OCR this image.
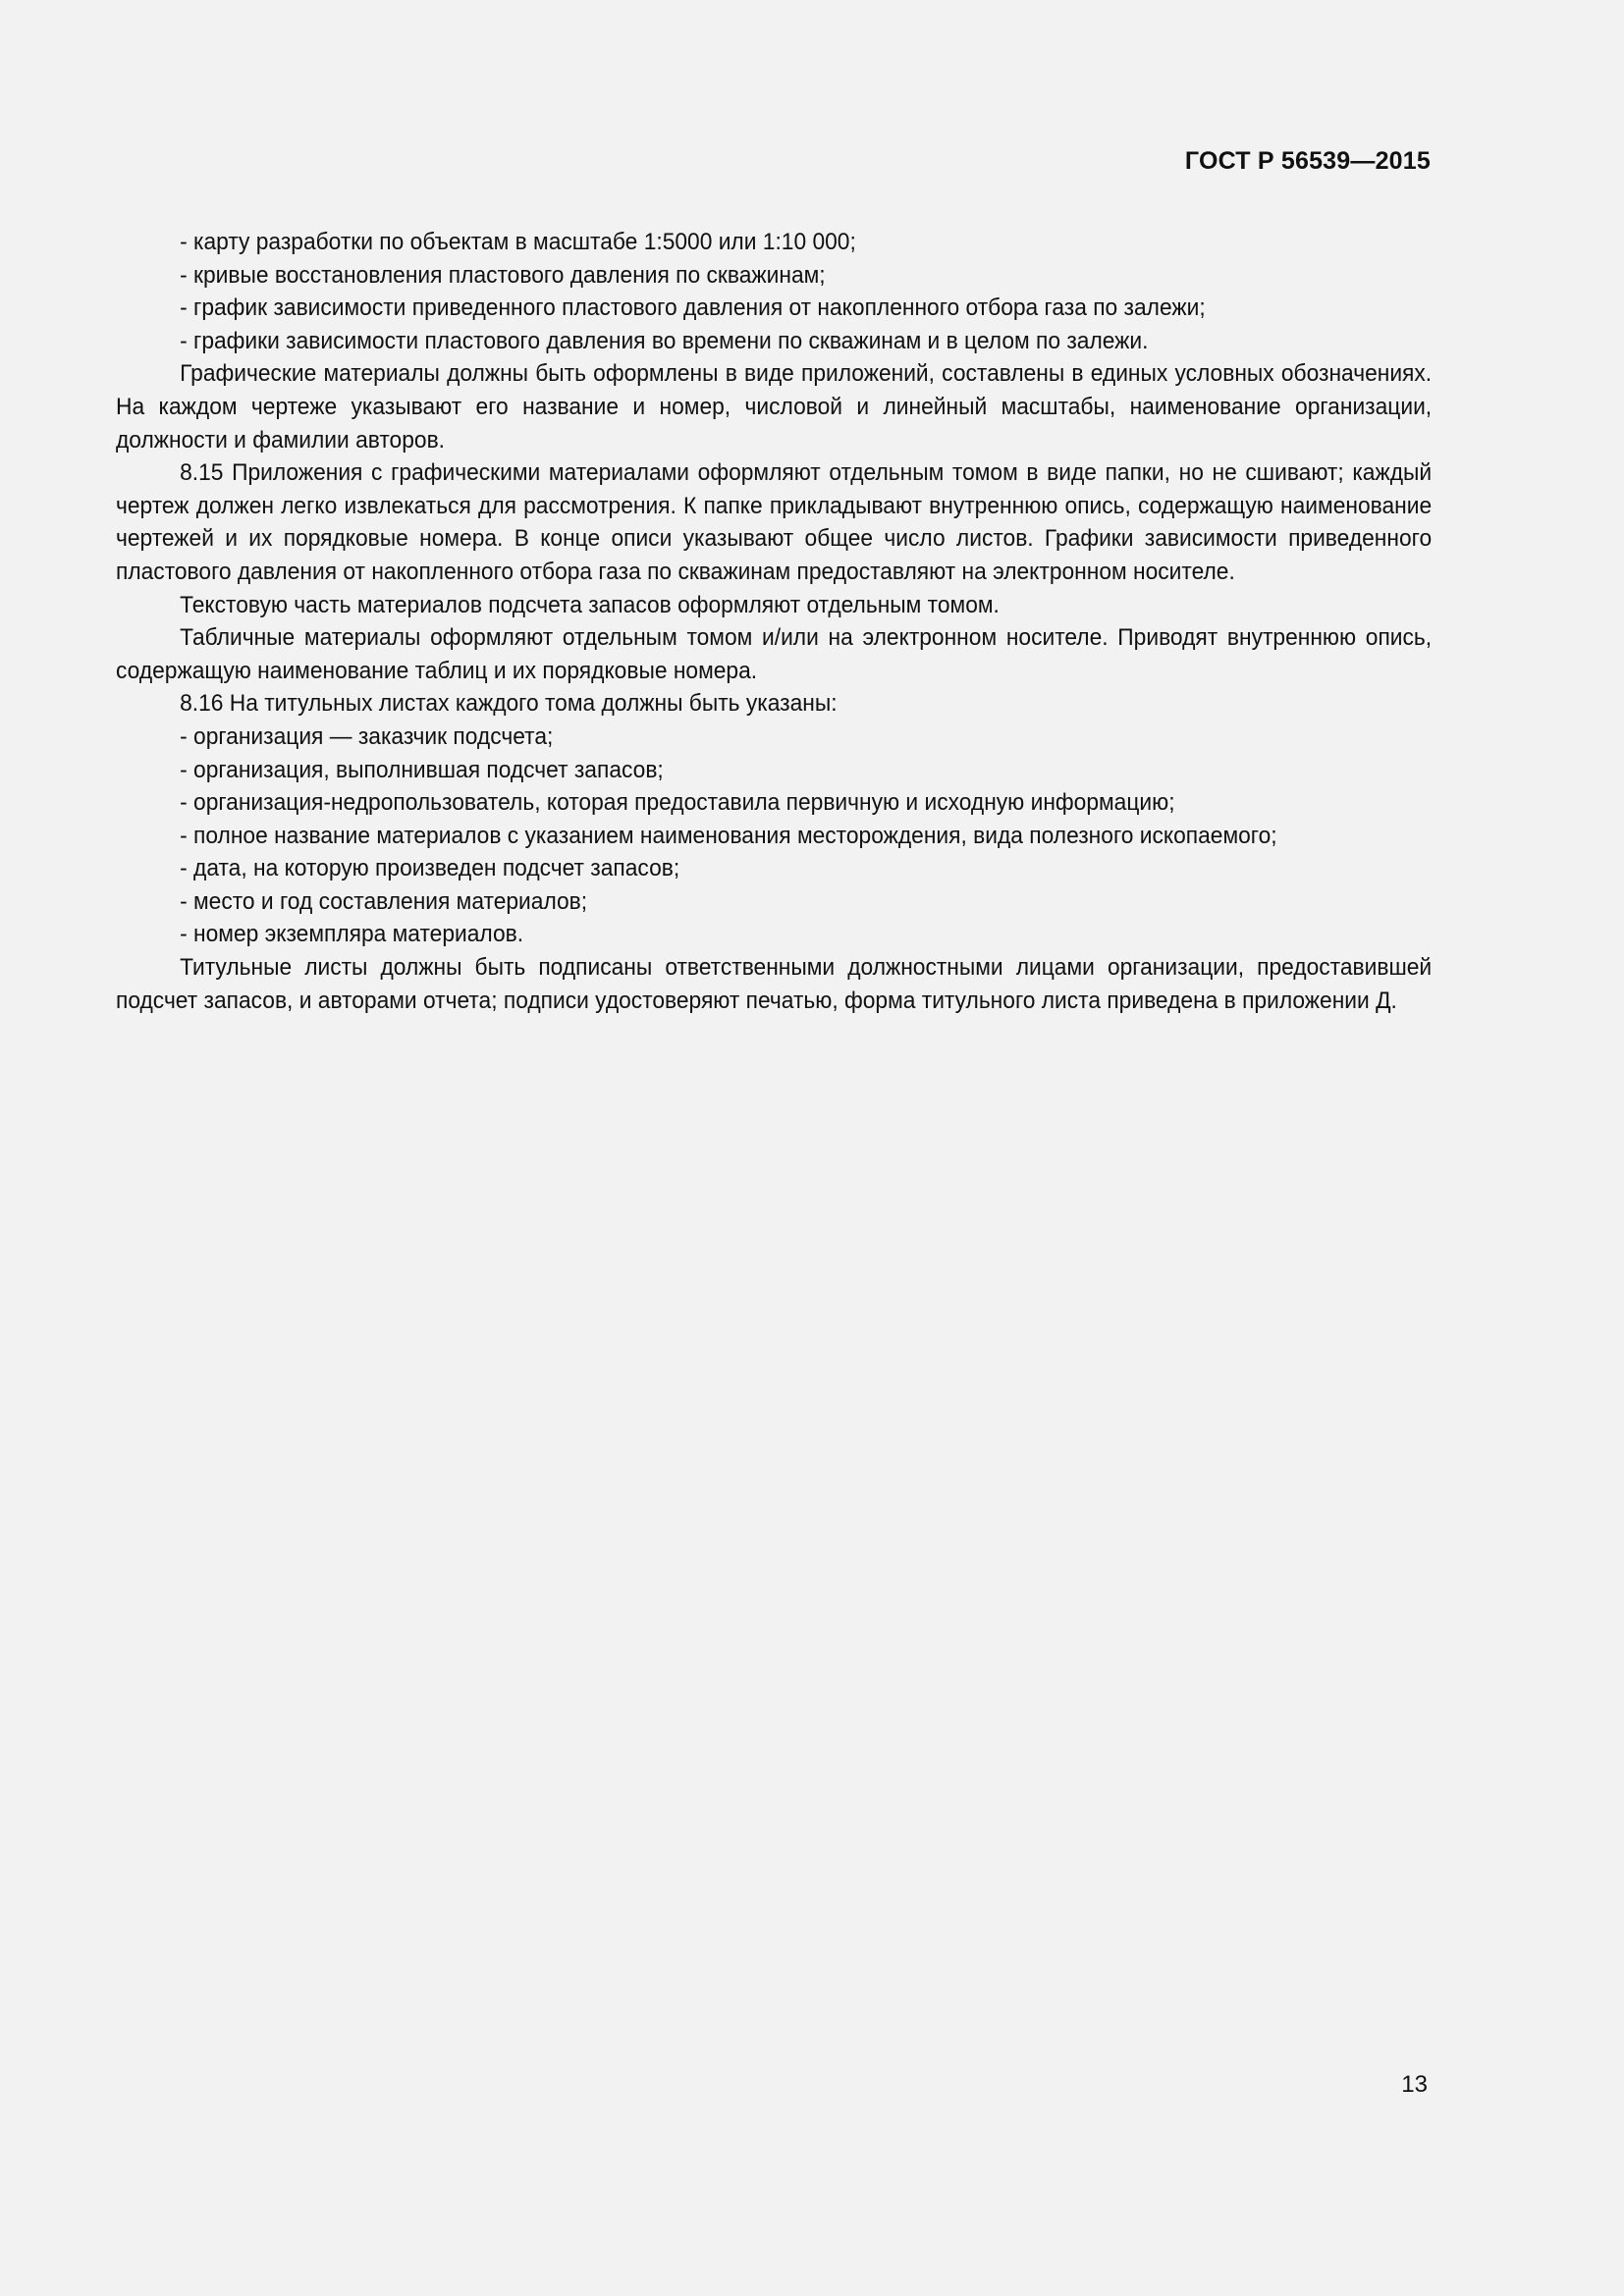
ГОСТ Р 56539—2015

- карту разработки по объектам в масштабе 1:5000 или 1:10 000;

- кривые восстановления пластового давления по скважинам;

- график зависимости приведенного пластового давления от накопленного отбора газа по залежи;

- графики зависимости пластового давления во времени по скважинам и в целом по залежи.

Графические материалы должны быть оформлены в виде приложений, составлены в единых условных обозначениях. На каждом чертеже указывают его название и номер, числовой и линейный масштабы, наименование организации, должности и фамилии авторов.

8.15 Приложения с графическими материалами оформляют отдельным томом в виде папки, но не сшивают; каждый чертеж должен легко извлекаться для рассмотрения. К папке прикладывают внутреннюю опись, содержащую наименование чертежей и их порядковые номера. В конце описи указывают общее число листов. Графики зависимости приведенного пластового давления от накопленного отбора газа по скважинам предоставляют на электронном носителе.

Текстовую часть материалов подсчета запасов оформляют отдельным томом.

Табличные материалы оформляют отдельным томом и/или на электронном носителе. Приводят внутреннюю опись, содержащую наименование таблиц и их порядковые номера.

8.16 На титульных листах каждого тома должны быть указаны:

- организация — заказчик подсчета;

- организация, выполнившая подсчет запасов;

- организация-недропользователь, которая предоставила первичную и исходную информацию;

- полное название материалов с указанием наименования месторождения, вида полезного ископаемого;

- дата, на которую произведен подсчет запасов;

- место и год составления материалов;

- номер экземпляра материалов.

Титульные листы должны быть подписаны ответственными должностными лицами организации, предоставившей подсчет запасов, и авторами отчета; подписи удостоверяют печатью, форма титульного листа приведена в приложении Д.

13
